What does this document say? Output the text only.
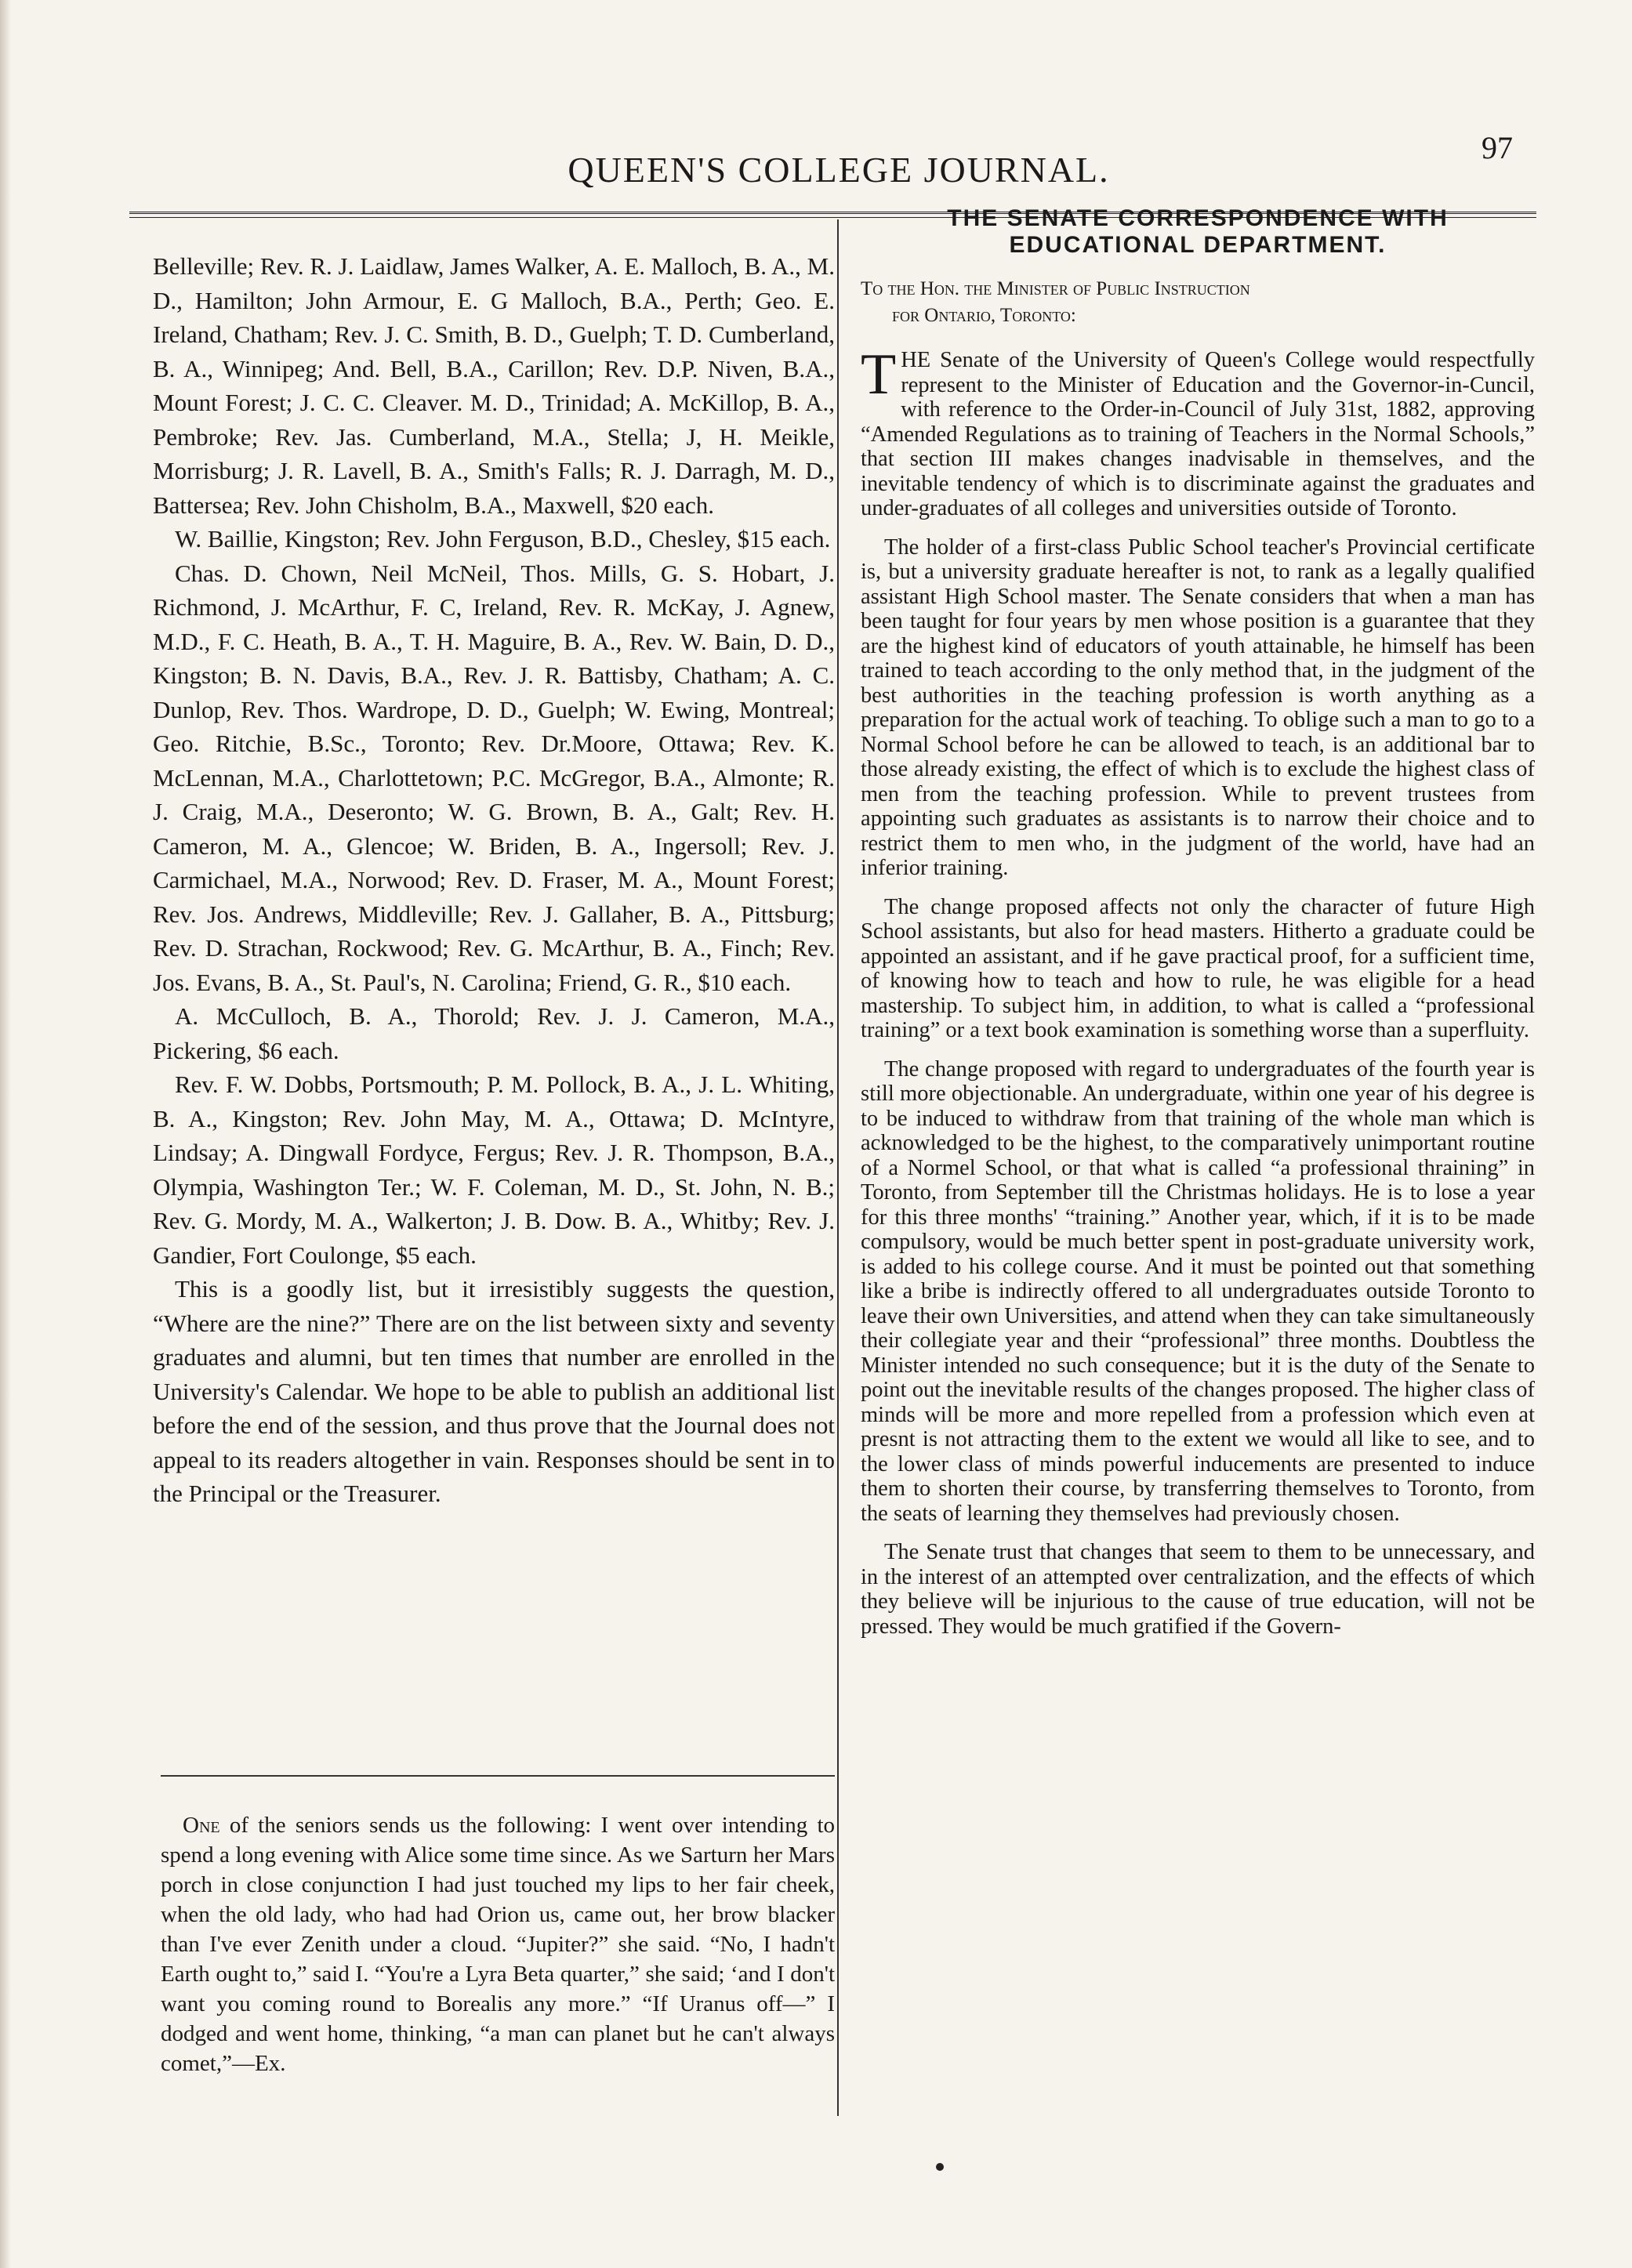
QUEEN'S COLLEGE JOURNAL.
97

Belleville; Rev. R. J. Laidlaw, James Walker, A. E. Malloch, B. A., M. D., Hamilton; John Armour, E. G Malloch, B.A., Perth; Geo. E. Ireland, Chatham; Rev. J. C. Smith, B. D., Guelph; T. D. Cumberland, B. A., Winnipeg; And. Bell, B.A., Carillon; Rev. D.P. Niven, B.A., Mount Forest; J. C. C. Cleaver. M. D., Trinidad; A. McKillop, B. A., Pembroke; Rev. Jas. Cumberland, M.A., Stella; J, H. Meikle, Morrisburg; J. R. Lavell, B. A., Smith's Falls; R. J. Darragh, M. D., Battersea; Rev. John Chisholm, B.A., Maxwell, $20 each.

W. Baillie, Kingston; Rev. John Ferguson, B.D., Chesley, $15 each.

Chas. D. Chown, Neil McNeil, Thos. Mills, G. S. Hobart, J. Richmond, J. McArthur, F. C, Ireland, Rev. R. McKay, J. Agnew, M.D., F. C. Heath, B. A., T. H. Maguire, B. A., Rev. W. Bain, D. D., Kingston; B. N. Davis, B.A., Rev. J. R. Battisby, Chatham; A. C. Dunlop, Rev. Thos. Wardrope, D. D., Guelph; W. Ewing, Montreal; Geo. Ritchie, B.Sc., Toronto; Rev. Dr.Moore, Ottawa; Rev. K. McLennan, M.A., Charlottetown; P.C. McGregor, B.A., Almonte; R. J. Craig, M.A., Deseronto; W. G. Brown, B. A., Galt; Rev. H. Cameron, M. A., Glencoe; W. Briden, B. A., Ingersoll; Rev. J. Carmichael, M.A., Norwood; Rev. D. Fraser, M. A., Mount Forest; Rev. Jos. Andrews, Middleville; Rev. J. Gallaher, B. A., Pittsburg; Rev. D. Strachan, Rockwood; Rev. G. McArthur, B. A., Finch; Rev. Jos. Evans, B. A., St. Paul's, N. Carolina; Friend, G. R., $10 each.

A. McCulloch, B. A., Thorold; Rev. J. J. Cameron, M.A., Pickering, $6 each.

Rev. F. W. Dobbs, Portsmouth; P. M. Pollock, B. A., J. L. Whiting, B. A., Kingston; Rev. John May, M. A., Ottawa; D. McIntyre, Lindsay; A. Dingwall Fordyce, Fergus; Rev. J. R. Thompson, B.A., Olympia, Washington Ter.; W. F. Coleman, M. D., St. John, N. B.; Rev. G. Mordy, M. A., Walkerton; J. B. Dow. B. A., Whitby; Rev. J. Gandier, Fort Coulonge, $5 each.

This is a goodly list, but it irresistibly suggests the question, “Where are the nine?” There are on the list between sixty and seventy graduates and alumni, but ten times that number are enrolled in the University's Calendar. We hope to be able to publish an additional list before the end of the session, and thus prove that the Journal does not appeal to its readers altogether in vain. Responses should be sent in to the Principal or the Treasurer.

One of the seniors sends us the following: I went over intending to spend a long evening with Alice some time since. As we Sarturn her Mars porch in close conjunction I had just touched my lips to her fair cheek, when the old lady, who had had Orion us, came out, her brow blacker than I've ever Zenith under a cloud. “Jupiter?” she said. “No, I hadn't Earth ought to,” said I. “You're a Lyra Beta quarter,” she said; ‘and I don't want you coming round to Borealis any more.” “If Uranus off—” I dodged and went home, thinking, “a man can planet but he can't always comet,”—Ex.

THE SENATE CORRESPONDENCE WITH
EDUCATIONAL DEPARTMENT.
To the Hon. the Minister of Public Instruction
for Ontario, Toronto:

THE Senate of the University of Queen's College would respectfully represent to the Minister of Education and the Governor-in-Cuncil, with reference to the Order-in-Council of July 31st, 1882, approving “Amended Regulations as to training of Teachers in the Normal Schools,” that section III makes changes inadvisable in themselves, and the inevitable tendency of which is to discriminate against the graduates and under-graduates of all colleges and universities outside of Toronto.

The holder of a first-class Public School teacher's Provincial certificate is, but a university graduate hereafter is not, to rank as a legally qualified assistant High School master. The Senate considers that when a man has been taught for four years by men whose position is a guarantee that they are the highest kind of educators of youth attainable, he himself has been trained to teach according to the only method that, in the judgment of the best authorities in the teaching profession is worth anything as a preparation for the actual work of teaching. To oblige such a man to go to a Normal School before he can be allowed to teach, is an additional bar to those already existing, the effect of which is to exclude the highest class of men from the teaching profession. While to prevent trustees from appointing such graduates as assistants is to narrow their choice and to restrict them to men who, in the judgment of the world, have had an inferior training.

The change proposed affects not only the character of future High School assistants, but also for head masters. Hitherto a graduate could be appointed an assistant, and if he gave practical proof, for a sufficient time, of knowing how to teach and how to rule, he was eligible for a head mastership. To subject him, in addition, to what is called a “professional training” or a text book examination is something worse than a superfluity.

The change proposed with regard to undergraduates of the fourth year is still more objectionable. An undergraduate, within one year of his degree is to be induced to withdraw from that training of the whole man which is acknowledged to be the highest, to the comparatively unimportant routine of a Normel School, or that what is called “a professional thraining” in Toronto, from September till the Christmas holidays. He is to lose a year for this three months' “training.” Another year, which, if it is to be made compulsory, would be much better spent in post-graduate university work, is added to his college course. And it must be pointed out that something like a bribe is indirectly offered to all undergraduates outside Toronto to leave their own Universities, and attend when they can take simultaneously their collegiate year and their “professional” three months. Doubtless the Minister intended no such consequence; but it is the duty of the Senate to point out the inevitable results of the changes proposed. The higher class of minds will be more and more repelled from a profession which even at presnt is not attracting them to the extent we would all like to see, and to the lower class of minds powerful inducements are presented to induce them to shorten their course, by transferring themselves to Toronto, from the seats of learning they themselves had previously chosen.

The Senate trust that changes that seem to them to be unnecessary, and in the interest of an attempted over centralization, and the effects of which they believe will be injurious to the cause of true education, will not be pressed. They would be much gratified if the Govern-
